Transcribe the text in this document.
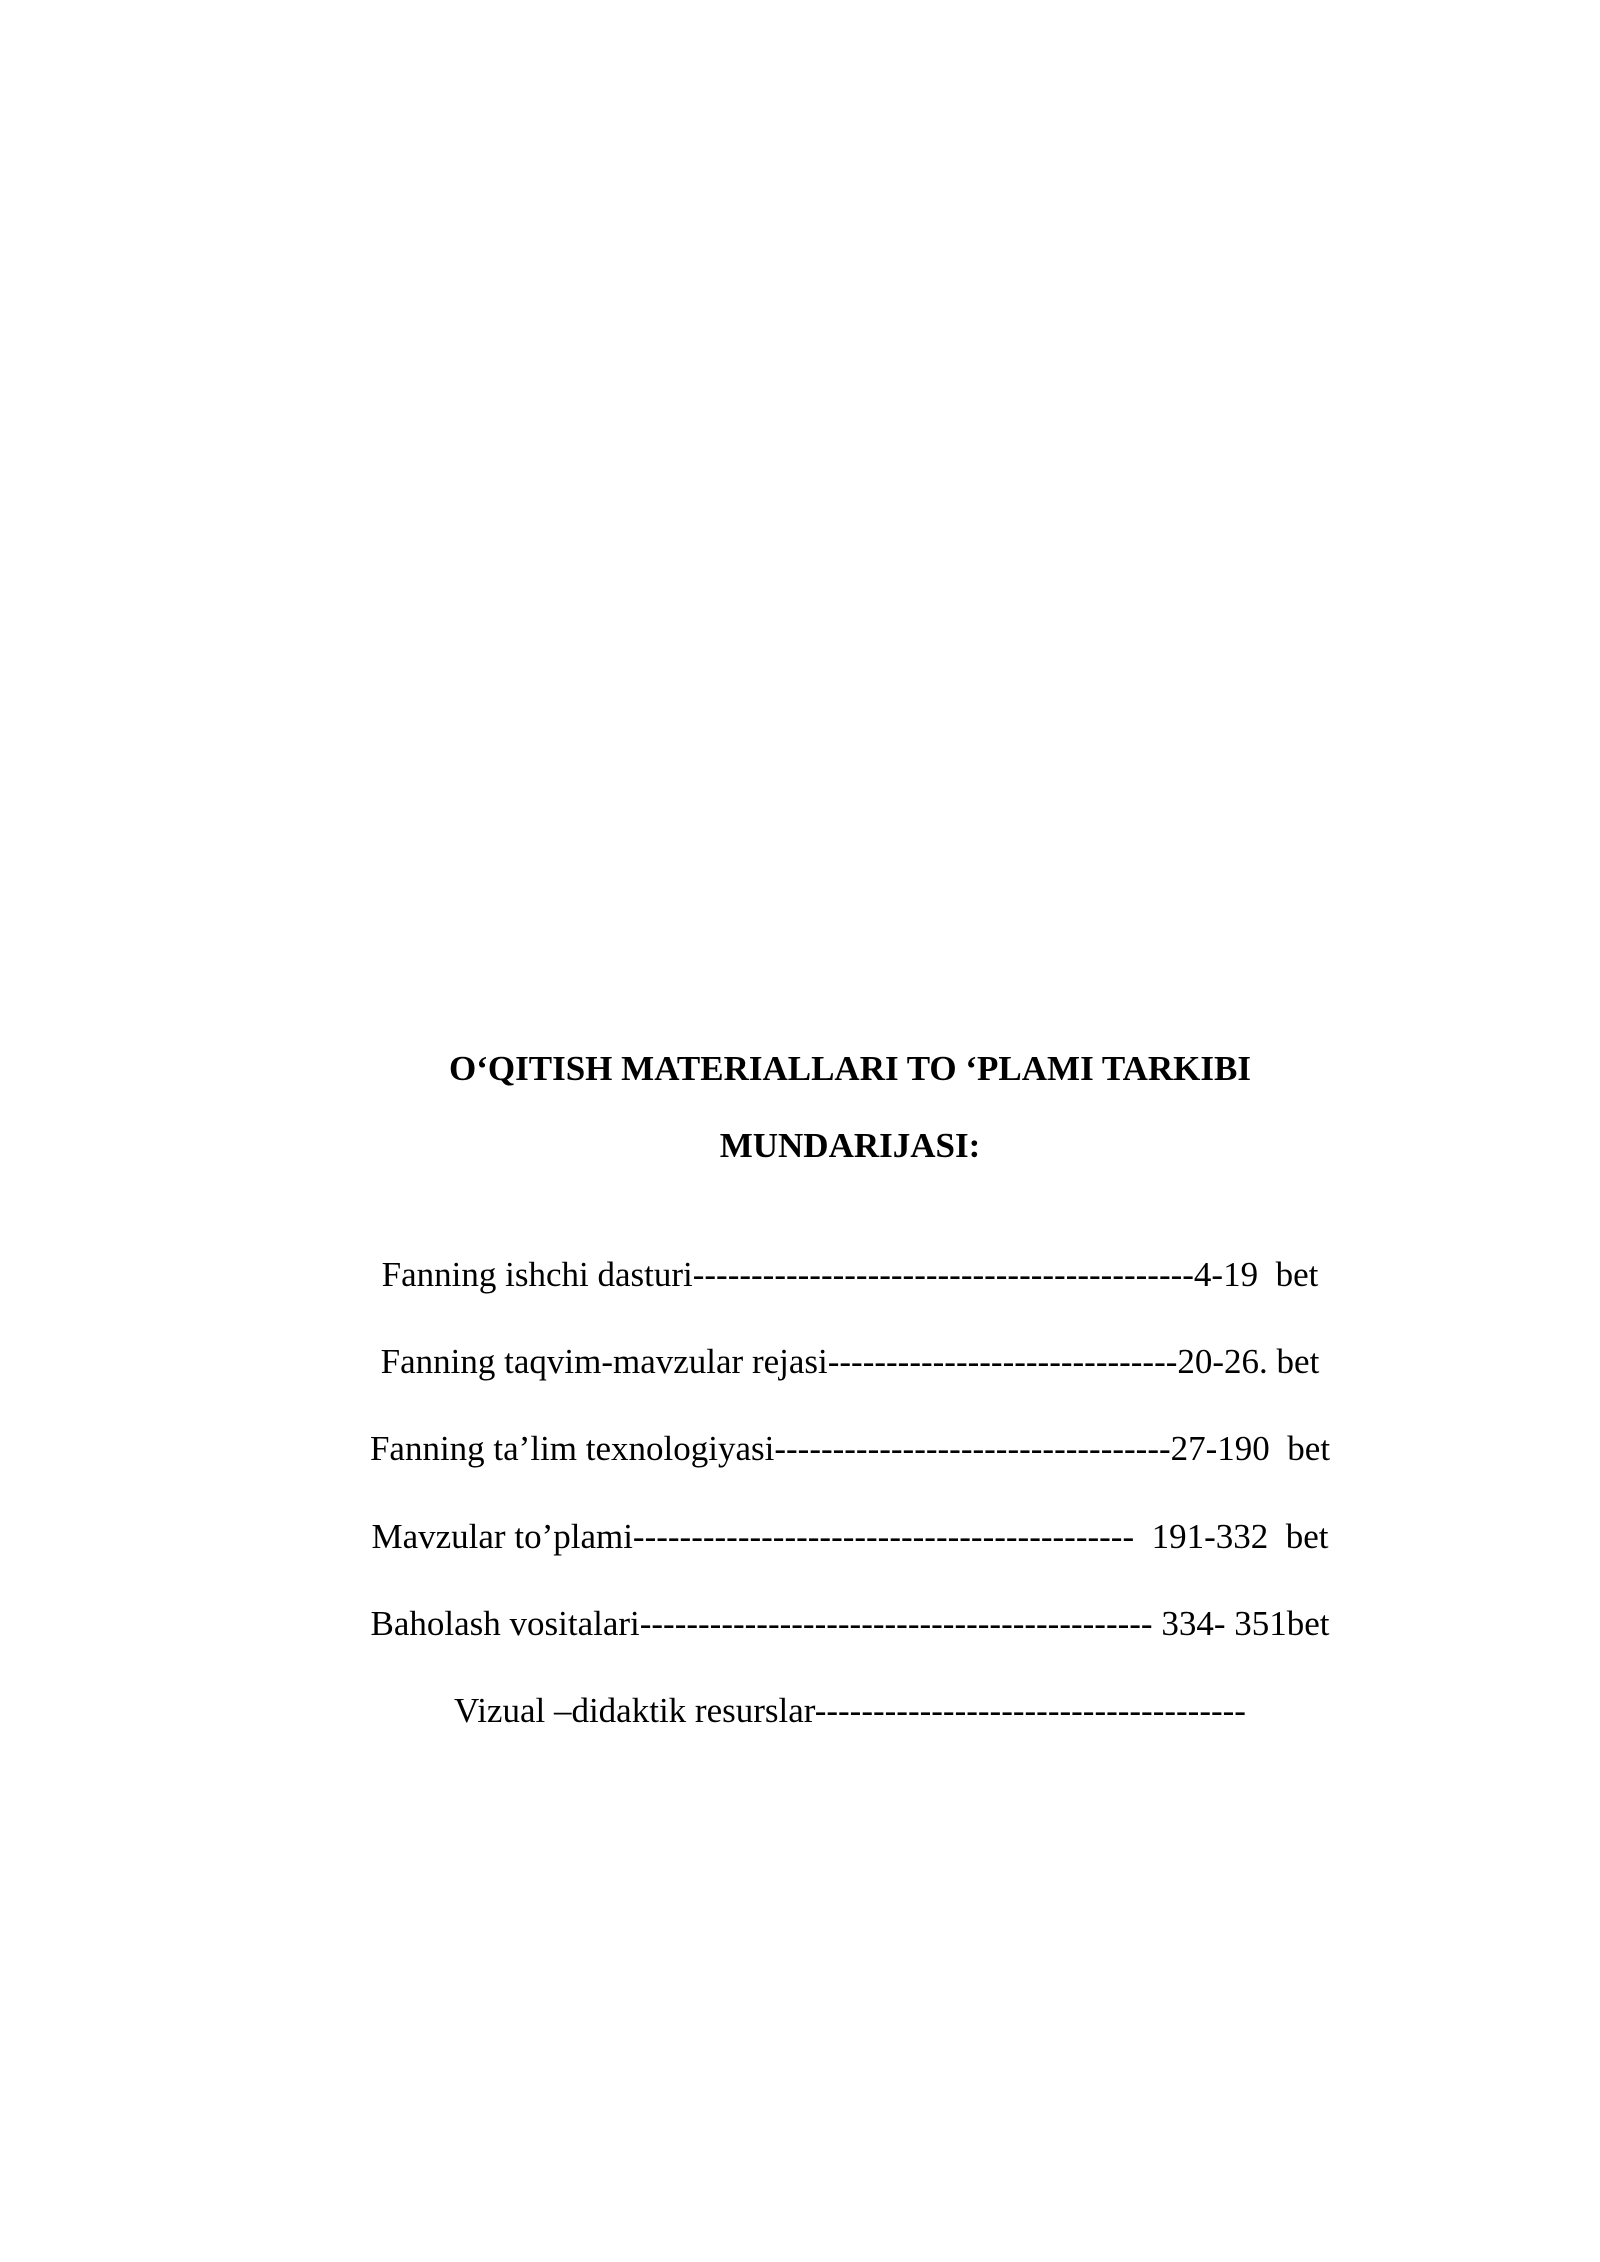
O‘QITISH MATERIALLARI TO ‘PLAMI TARKIBI
MUNDARIJASI:
Fanning ishchi dasturi-------------------------------------------4-19  bet
Fanning taqvim-mavzular rejasi------------------------------20-26. bet
Fanning ta’lim texnologiyasi----------------------------------27-190  bet
Mavzular to’plami-------------------------------------------  191-332  bet
Baholash vositalari-------------------------------------------- 334- 351bet
Vizual –didaktik resurslar-------------------------------------
